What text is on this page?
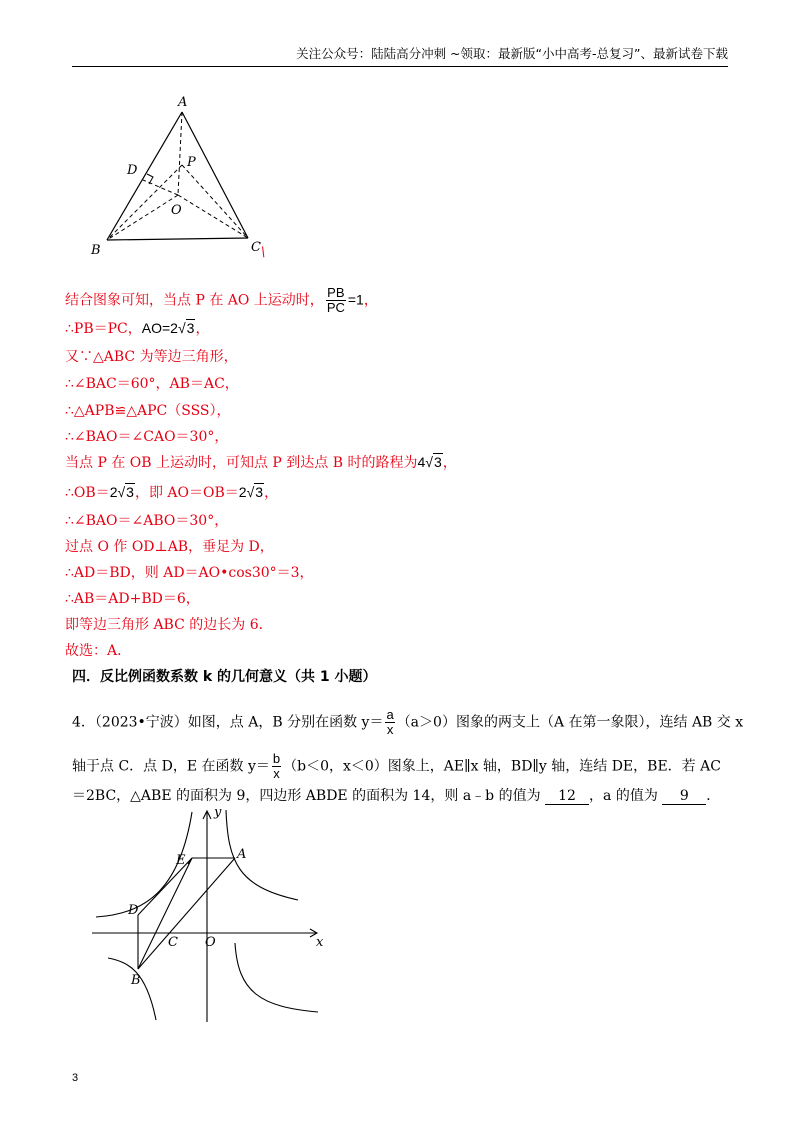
关注公众号：陆陆高分冲刺 ~领取：最新版“小中高考-总复习”、最新试卷下载
A
B	C \
D
O
P
结合图象可知，当点 P 在 AO 上运动时， $\frac{PB}{PC} =1$，
∴PB＝PC，AO=2√3，
又∵△ABC 为等边三角形，
∴∠BAC＝60°，AB＝AC，
∴△APB≌△APC（SSS），
∴∠BAO＝∠CAO＝30°，
当点 P 在 OB 上运动时，可知点 P 到达点 B 时的路程为4√3，
∴OB＝2√3，即 AO＝OB＝2√3，
∴∠BAO＝∠ABO＝30°，
过点 O 作 OD⊥AB，垂足为 D，
∴AD＝BD，则 AD＝AO•cos30°＝3，
∴AB＝AD+BD＝6，
即等边三角形 ABC 的边长为 6．
故选：A．
四．反比例函数系数 k 的几何意义（共 1 小题）
4．（2023•宁波）如图，点 A，B 分别在函数 $y= \frac{a}{x} (a>0)$图象的两支上（A 在第一象限），连结 AB 交 x
轴于点 C．点 D，E 在函数 $y= \frac{b}{x} (b<0$，x＜0）图象上，AE∥x 轴，BD∥y 轴，连结 DE，BE．若 AC
＝2BC，△ABE 的面积为 9，四边形 ABDE 的面积为 14，则 a﹣b 的值为 12 ，a 的值为 9 ．
y
x
E	A
D
C O
B
3
